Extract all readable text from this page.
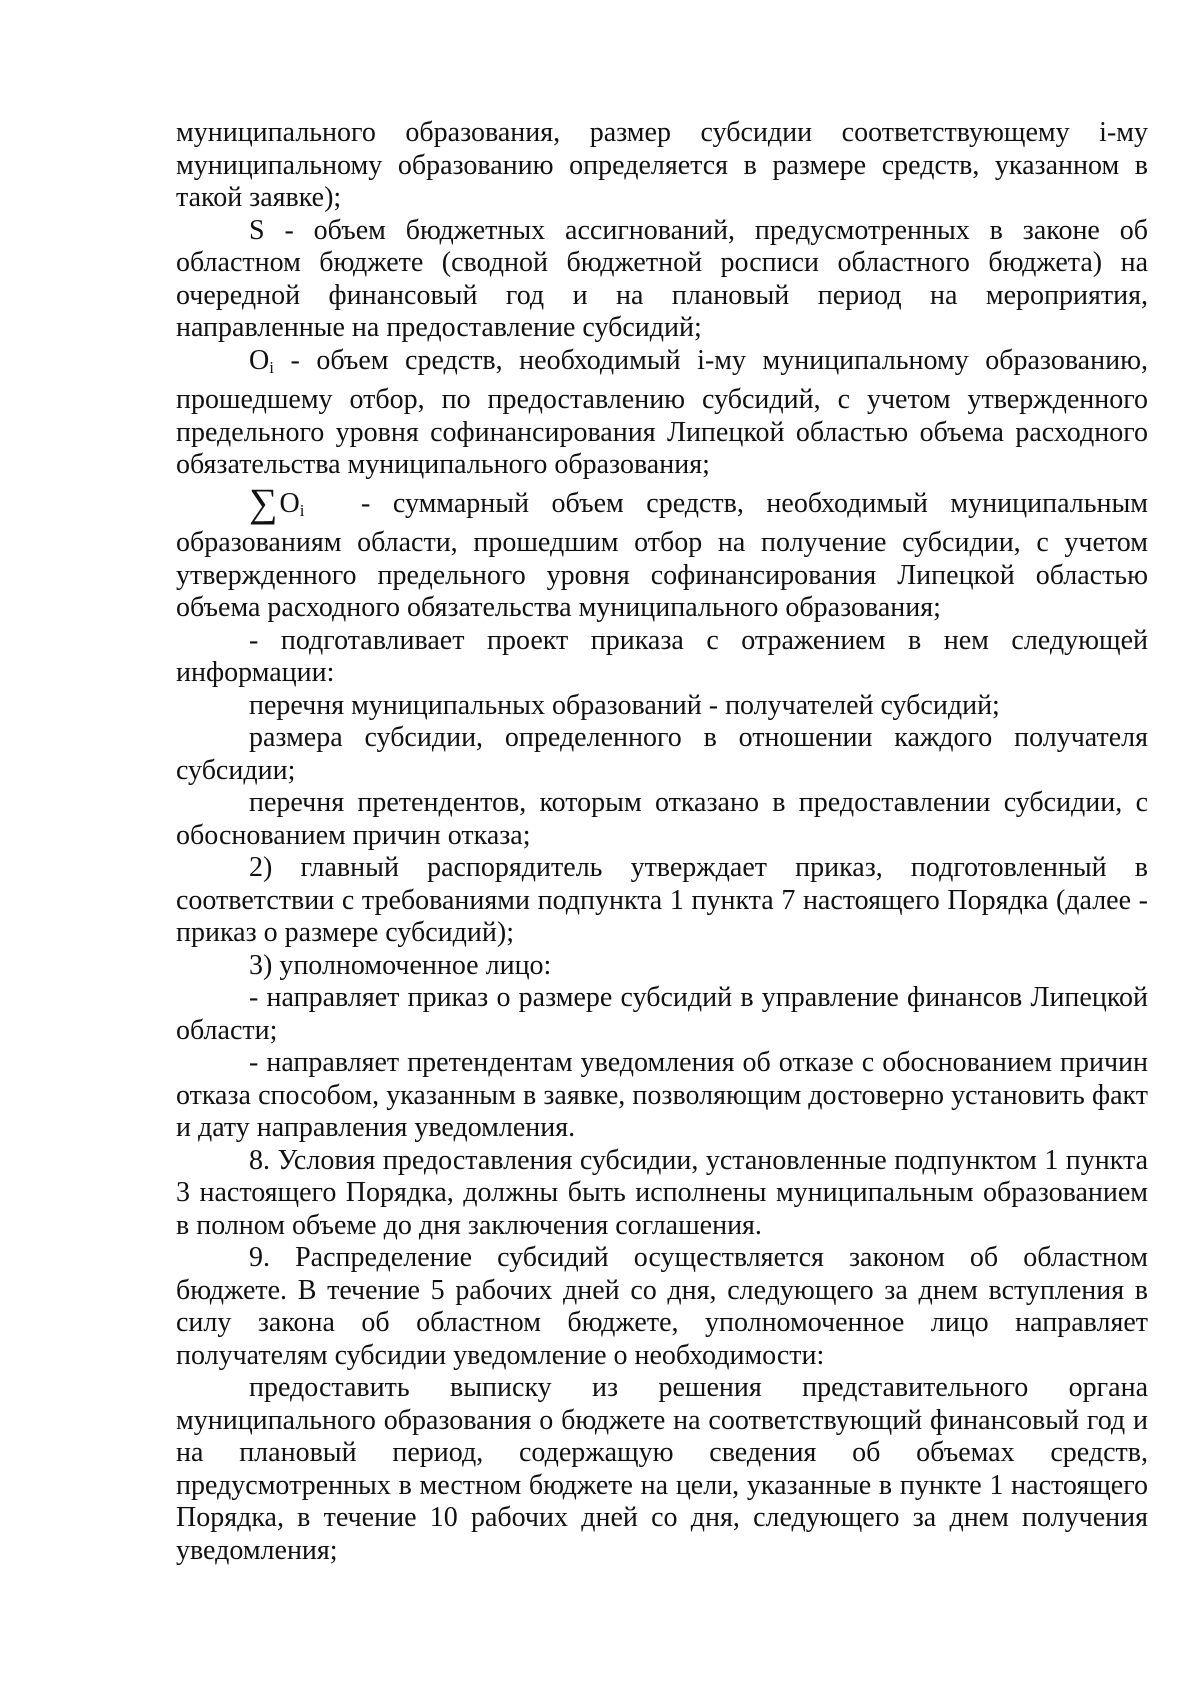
муниципального образования, размер субсидии соответствующему i-му муниципальному образованию определяется в размере средств, указанном в такой заявке);

S - объем бюджетных ассигнований, предусмотренных в законе об областном бюджете (сводной бюджетной росписи областного бюджета) на очередной финансовый год и на плановый период на мероприятия, направленные на предоставление субсидий;

$O_i$ - объем средств, необходимый i-му муниципальному образованию, прошедшему отбор, по предоставлению субсидий, с учетом утвержденного предельного уровня софинансирования Липецкой областью объема расходного обязательства муниципального образования;

$\sum O_i$ - суммарный объем средств, необходимый муниципальным образованиям области, прошедшим отбор на получение субсидии, с учетом утвержденного предельного уровня софинансирования Липецкой областью объема расходного обязательства муниципального образования;

- подготавливает проект приказа с отражением в нем следующей информации:

перечня муниципальных образований - получателей субсидий;

размера субсидии, определенного в отношении каждого получателя субсидии;

перечня претендентов, которым отказано в предоставлении субсидии, с обоснованием причин отказа;

2) главный распорядитель утверждает приказ, подготовленный в соответствии с требованиями подпункта 1 пункта 7 настоящего Порядка (далее - приказ о размере субсидий);

3) уполномоченное лицо:

- направляет приказ о размере субсидий в управление финансов Липецкой области;

- направляет претендентам уведомления об отказе с обоснованием причин отказа способом, указанным в заявке, позволяющим достоверно установить факт и дату направления уведомления.

8. Условия предоставления субсидии, установленные подпунктом 1 пункта 3 настоящего Порядка, должны быть исполнены муниципальным образованием в полном объеме до дня заключения соглашения.

9. Распределение субсидий осуществляется законом об областном бюджете. В течение 5 рабочих дней со дня, следующего за днем вступления в силу закона об областном бюджете, уполномоченное лицо направляет получателям субсидии уведомление о необходимости:

предоставить выписку из решения представительного органа муниципального образования о бюджете на соответствующий финансовый год и на плановый период, содержащую сведения об объемах средств, предусмотренных в местном бюджете на цели, указанные в пункте 1 настоящего Порядка, в течение 10 рабочих дней со дня, следующего за днем получения уведомления;
